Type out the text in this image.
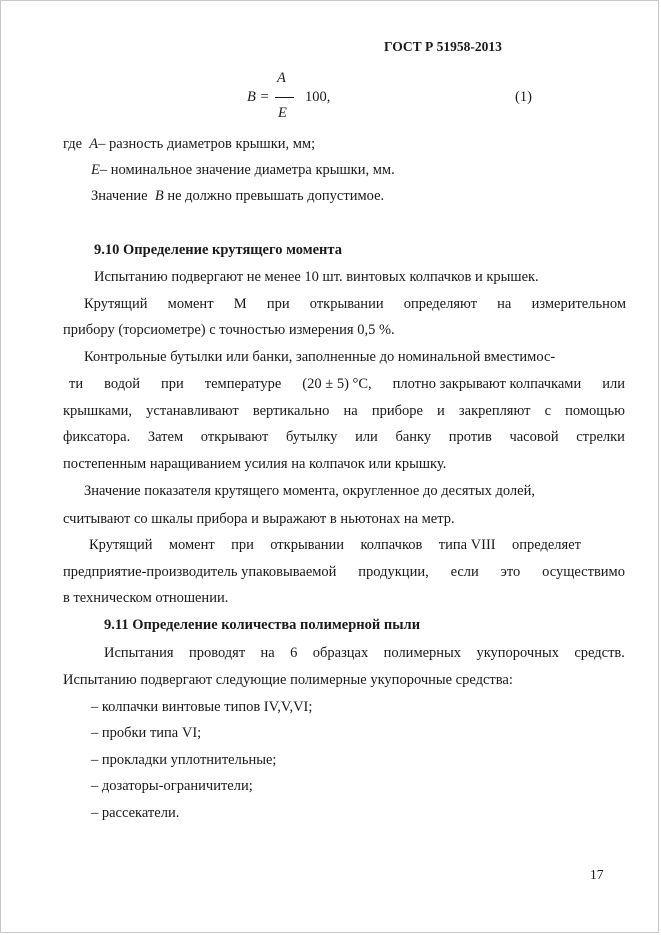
ГОСТ Р 51958-2013
B =
A
E
100,	(1)
где A– разность диаметров крышки, мм;
E– номинальное значение диаметра крышки, мм.
Значение B не должно превышать допустимое.
9.10 Определение крутящего момента
Испытанию подвергают не менее 10 шт. винтовых колпачков и крышек.
Крутящий момент М при открывании определяют на измерительном
прибору (торсиометре) с точностью измерения 0,5 %.
Контрольные бутылки или банки, заполненные до номинальной вместимос-
ти водой при температуре (20 ± 5) °С, плотно закрывают колпачками или
крышками, устанавливают вертикально на приборе и закрепляют с помощью
фиксатора. Затем открывают бутылку или банку против часовой стрелки
постепенным наращиванием усилия на колпачок или крышку.
Значение показателя крутящего момента, округленное до десятых долей,
считывают со шкалы прибора и выражают в ньютонах на метр.
Крутящий момент при открывании колпачков типа VIII определяет
предприятие-производитель упаковываемой продукции, если это осуществимо
в техническом отношении.
9.11 Определение количества полимерной пыли
Испытания проводят на 6 образцах полимерных укупорочных средств.
Испытанию подвергают следующие полимерные укупорочные средства:
– колпачки винтовые типов IV,V,VI;
– пробки типа VI;
– прокладки уплотнительные;
– дозаторы-ограничители;
– рассекатели.
17
